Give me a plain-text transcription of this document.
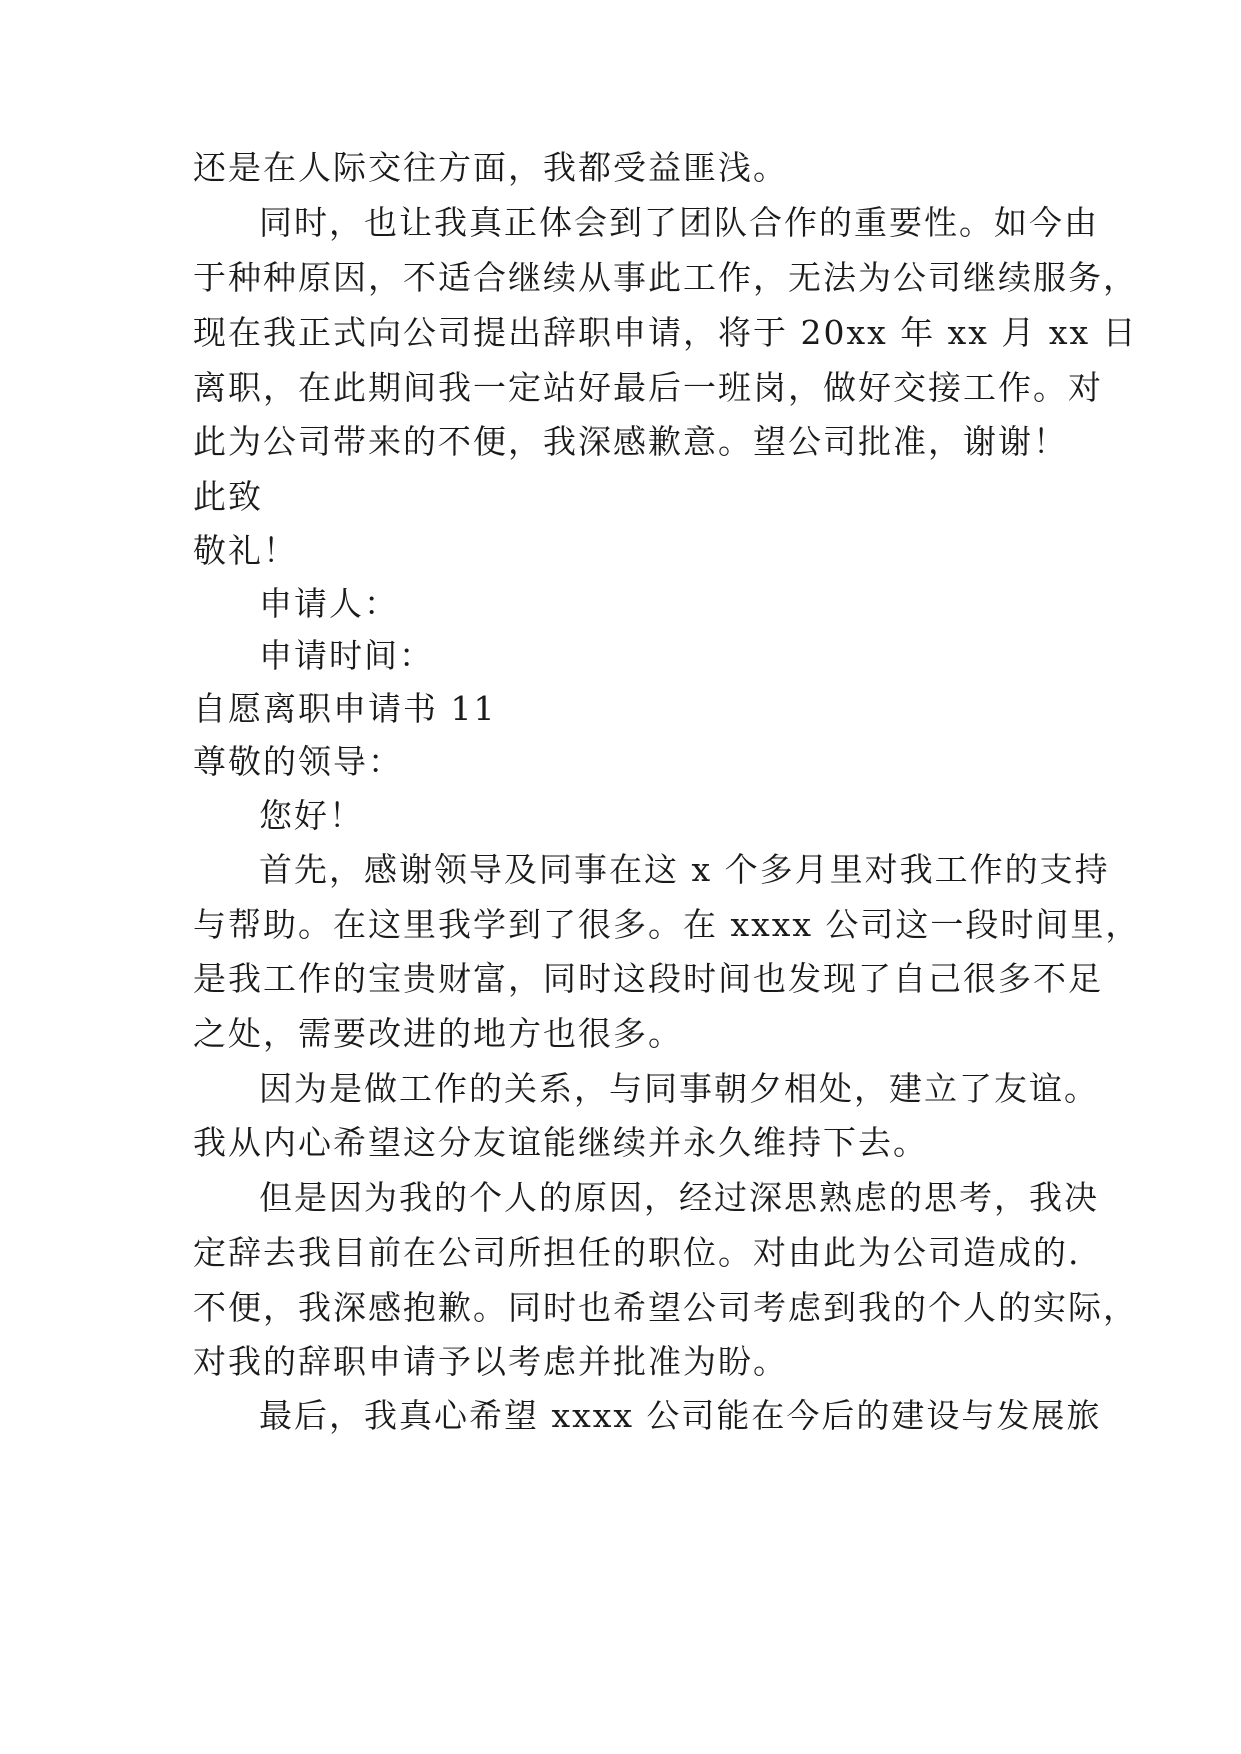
还是在人际交往方面，我都受益匪浅。
同时，也让我真正体会到了团队合作的重要性。如今由
于种种原因，不适合继续从事此工作，无法为公司继续服务，
现在我正式向公司提出辞职申请，将于 20xx 年 xx 月 xx 日
离职，在此期间我一定站好最后一班岗，做好交接工作。对
此为公司带来的不便，我深感歉意。望公司批准，谢谢！
此致
敬礼！
申请人：
申请时间：
自愿离职申请书 11
尊敬的领导：
您好！
首先，感谢领导及同事在这 x 个多月里对我工作的支持
与帮助。在这里我学到了很多。在 xxxx 公司这一段时间里，
是我工作的宝贵财富，同时这段时间也发现了自己很多不足
之处，需要改进的地方也很多。
因为是做工作的关系，与同事朝夕相处，建立了友谊。
我从内心希望这分友谊能继续并永久维持下去。
但是因为我的个人的原因，经过深思熟虑的思考，我决
定辞去我目前在公司所担任的职位。对由此为公司造成的.
不便，我深感抱歉。同时也希望公司考虑到我的个人的实际，
对我的辞职申请予以考虑并批准为盼。
最后，我真心希望 xxxx 公司能在今后的建设与发展旅
